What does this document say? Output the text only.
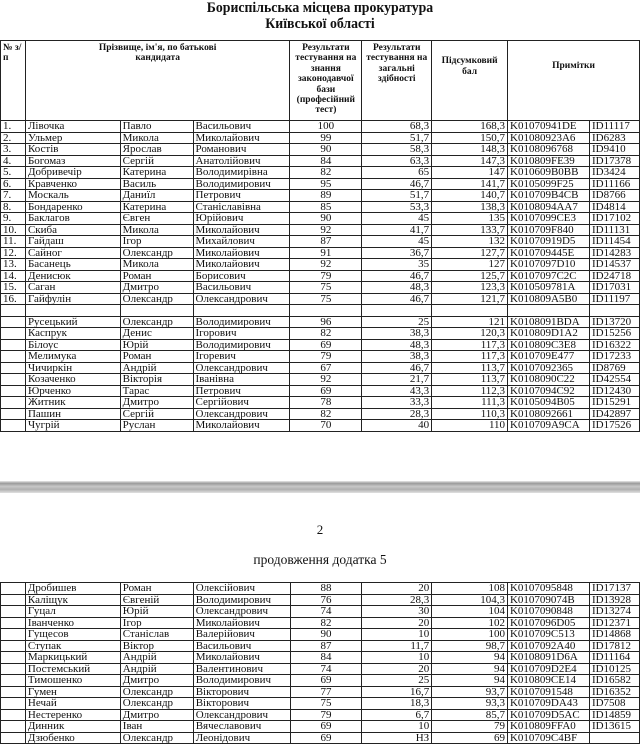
Бориспільська місцева прокуратура
Київської області
№ з/п	Прізвище, ім'я, по батькові кандидата			Результати тестування на знання законодавчої бази (професійний тест)	Результати тестування на загальні здібності	Підсумковий бал	Примітки	
1.	Лівочка	Павло	Васильович	100	68,3	168,3	K01070941DE	ID11117
2.	Ульмер	Микола	Миколайович	99	51,7	150,7	K01080923A6	ID6283
3.	Костів	Ярослав	Романович	90	58,3	148,3	K0108096768	ID9410
4.	Богомаз	Сергій	Анатолійович	84	63,3	147,3	K010809FE39	ID17378
5.	Добривечір	Катерина	Володимирівна	82	65	147	K010609B0BB	ID3424
6.	Кравченко	Василь	Володимирович	95	46,7	141,7	K0105099F25	ID11166
7.	Москаль	Даниїл	Петрович	89	51,7	140,7	K010709B4CB	ID8766
8.	Бондаренко	Катерина	Станіславівна	85	53,3	138,3	K0108094AA7	ID4814
9.	Баклагов	Євген	Юрійович	90	45	135	K0107099CE3	ID17102
10.	Скиба	Микола	Миколайович	92	41,7	133,7	K010709F840	ID11131
11.	Гайдаш	Ігор	Михайлович	87	45	132	K01070919D5	ID11454
12.	Сайног	Олександр	Миколайович	91	36,7	127,7	K010709445E	ID14283
13.	Басанець	Микола	Миколайович	92	35	127	K0107097D10	ID14537
14.	Денисюк	Роман	Борисович	79	46,7	125,7	K0107097C2C	ID24718
15.	Саган	Дмитро	Васильович	75	48,3	123,3	K010509781A	ID17031
16.	Гайфулін	Олександр	Олександрович	75	46,7	121,7	K010809A5B0	ID11197

	Русецький	Олександр	Володимирович	96	25	121	K0108091BDA	ID13720
	Каспрук	Денис	Ігорович	82	38,3	120,3	K010809D1A2	ID15256
	Білоус	Юрій	Володимирович	69	48,3	117,3	K010809C3E8	ID16322
	Мелимука	Роман	Ігоревич	79	38,3	117,3	K010709E477	ID17233
	Чичиркін	Андрій	Олександрович	67	46,7	113,7	K0107092365	ID8769
	Козаченко	Вікторія	Іванівна	92	21,7	113,7	K0108090C22	ID42554
	Юрченко	Тарас	Петрович	69	43,3	112,3	K0107094C92	ID12430
	Житник	Дмитро	Сергійович	78	33,3	111,3	K0105094B05	ID15291
	Пашин	Сергій	Олександрович	82	28,3	110,3	K0108092661	ID42897
	Чугрій	Руслан	Миколайович	70	40	110	K010709A9CA	ID17526
2
продовження додатка 5
	Дробишев	Роман	Олексійович	88	20	108	K0107095848	ID17137
	Каліщук	Євгеній	Володимирович	76	28,3	104,3	K010709074B	ID13928
	Гуцал	Юрій	Олександрович	74	30	104	K0107090848	ID13274
	Іванченко	Ігор	Миколайович	82	20	102	K0107096D05	ID12371
	Гущесов	Станіслав	Валерійович	90	10	100	K010709C513	ID14868
	Ступак	Віктор	Васильович	87	11,7	98,7	K0107092A40	ID17812
	Маркицький	Андрій	Миколайович	84	10	94	K0108091D6A	ID11164
	Постемський	Андрій	Валентинович	74	20	94	K010709D2E4	ID10125
	Тимошенко	Дмитро	Володимирович	69	25	94	K010809CE14	ID16582
	Гумен	Олександр	Вікторович	77	16,7	93,7	K0107091548	ID16352
	Нечай	Олександр	Вікторович	75	18,3	93,3	K010709DA43	ID7508
	Нестеренко	Дмитро	Олександрович	79	6,7	85,7	K010709D5AC	ID14859
	Динник	Іван	Вячеславович	69	10	79	K010809FFA0	ID13615
	Дзюбенко	Олександр	Леонідович	69	НЗ	69	K010709C4BF	
